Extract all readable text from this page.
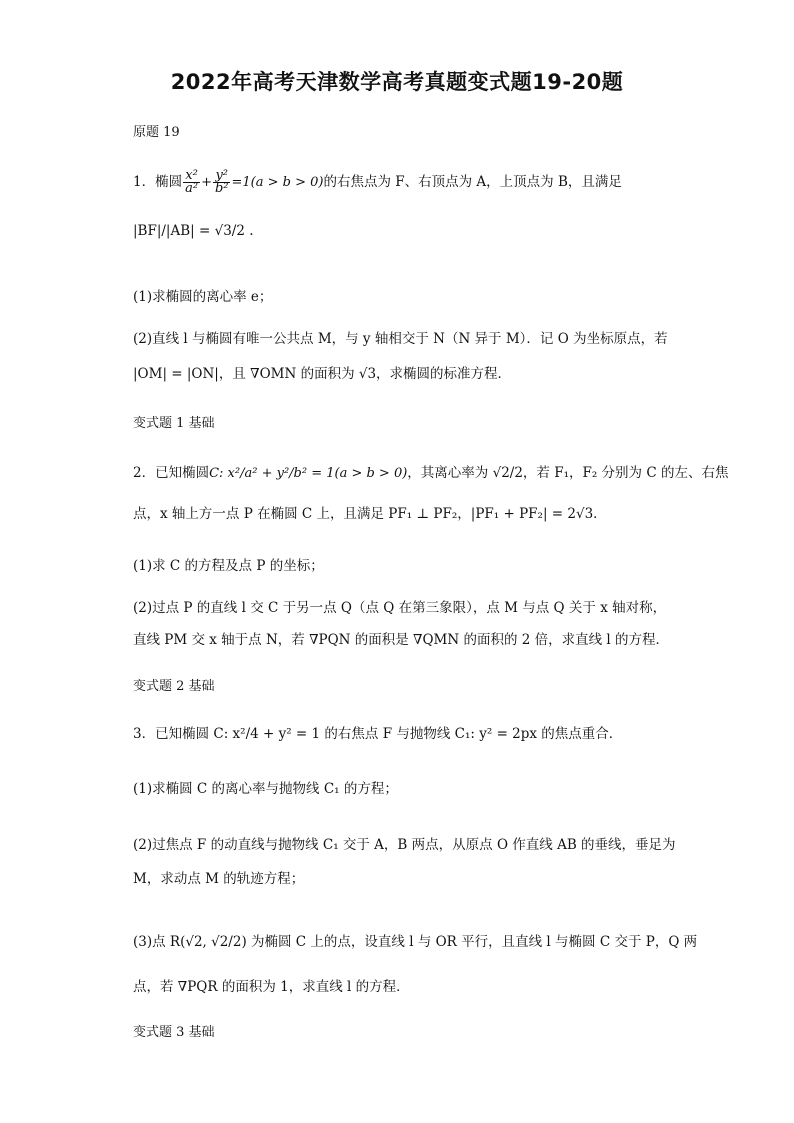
2022年高考天津数学高考真题变式题19-20题
原题 19
1．椭圆 $\frac{\text{x²}}{\text{a²}} + \frac{\text{y²}}{\text{b²}} =1(a > b > 0)$的右焦点为 F、右顶点为 A，上顶点为 B，且满足
|BF|/|AB| = √3/2 .
(1)求椭圆的离心率 e；
(2)直线 l 与椭圆有唯一公共点 M，与 y 轴相交于 N（N 异于 M）．记 O 为坐标原点，若
|OM| = |ON|，且 ∇OMN 的面积为 √3，求椭圆的标准方程．
变式题 1 基础
2．已知椭圆C: x²/a² + y²/b² = 1(a > b > 0)，其离心率为 √2/2，若 F₁，F₂ 分别为 C 的左、右焦
点，x 轴上方一点 P 在椭圆 C 上，且满足 PF₁ ⊥ PF₂，|PF₁ + PF₂| = 2√3．
(1)求 C 的方程及点 P 的坐标；
(2)过点 P 的直线 l 交 C 于另一点 Q（点 Q 在第三象限），点 M 与点 Q 关于 x 轴对称，
直线 PM 交 x 轴于点 N，若 ∇PQN 的面积是 ∇QMN 的面积的 2 倍，求直线 l 的方程．
变式题 2 基础
3．已知椭圆 C: x²/4 + y² = 1 的右焦点 F 与抛物线 C₁: y² = 2px 的焦点重合．
(1)求椭圆 C 的离心率与抛物线 C₁ 的方程；
(2)过焦点 F 的动直线与抛物线 C₁ 交于 A，B 两点，从原点 O 作直线 AB 的垂线，垂足为
M，求动点 M 的轨迹方程；
(3)点 R(√2, √2/2) 为椭圆 C 上的点，设直线 l 与 OR 平行，且直线 l 与椭圆 C 交于 P，Q 两
点，若 ∇PQR 的面积为 1，求直线 l 的方程．
变式题 3 基础
